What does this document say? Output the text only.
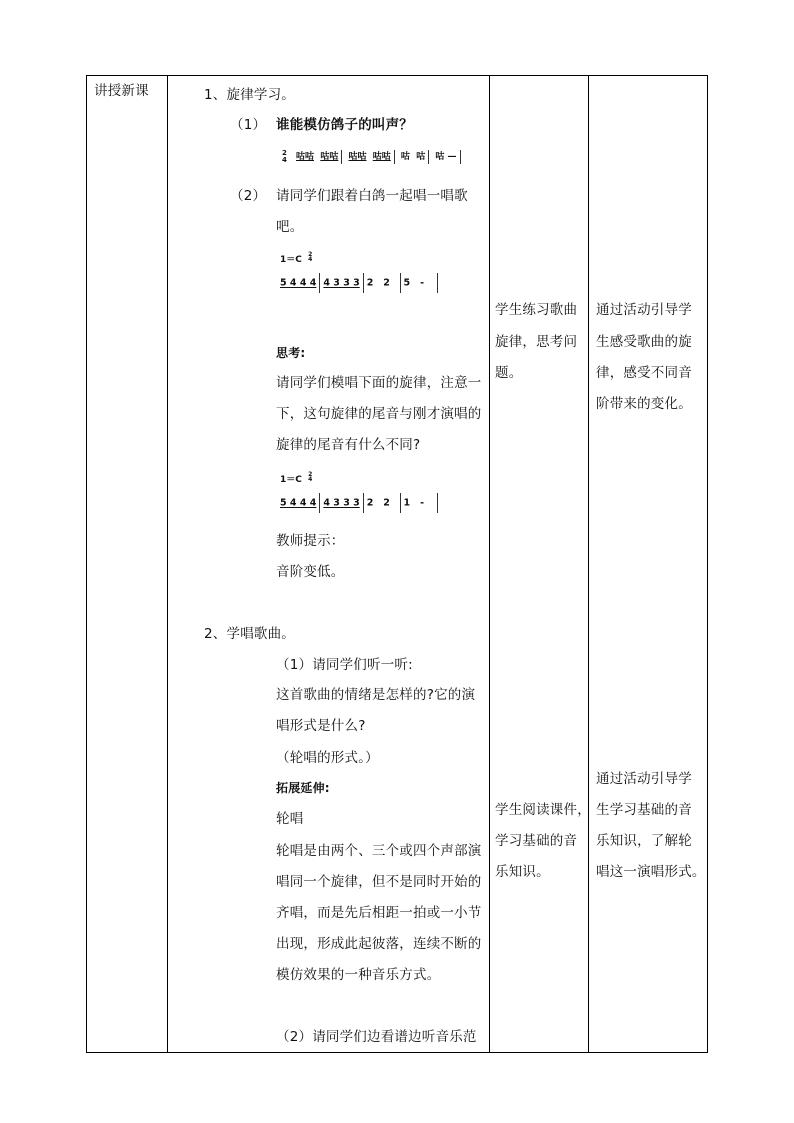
讲授新课	1、旋律学习。
（1） 谁能模仿鸽子的叫声？
2
4 咕咕 咕咕 咕咕 咕咕 咕 咕 咕 —
（2） 请同学们跟着白鸽一起唱一唱歌
吧。
1＝C
2
4
5 4 4 4 4 3 3 3 2   2 5   -
思考:
请同学们模唱下面的旋律，注意一
下，这句旋律的尾音与刚才演唱的
旋律的尾音有什么不同?
1＝C
2
4
5 4 4 4 4 3 3 3 2   2 1   -
教师提示：
音阶变低。
2、学唱歌曲。
（1）请同学们听一听:
这首歌曲的情绪是怎样的?它的演
唱形式是什么?
（轮唱的形式。）
拓展延伸:
轮唱
轮唱是由两个、三个或四个声部演
唱同一个旋律，但不是同时开始的
齐唱，而是先后相距一拍或一小节
出现，形成此起彼落，连续不断的
模仿效果的一种音乐方式。
（2）请同学们边看谱边听音乐范
学生练习歌曲
旋律，思考问
题。
学生阅读课件，
学习基础的音
乐知识。
通过活动引导学
生感受歌曲的旋
律，感受不同音
阶带来的变化。
通过活动引导学
生学习基础的音
乐知识，了解轮
唱这一演唱形式。
